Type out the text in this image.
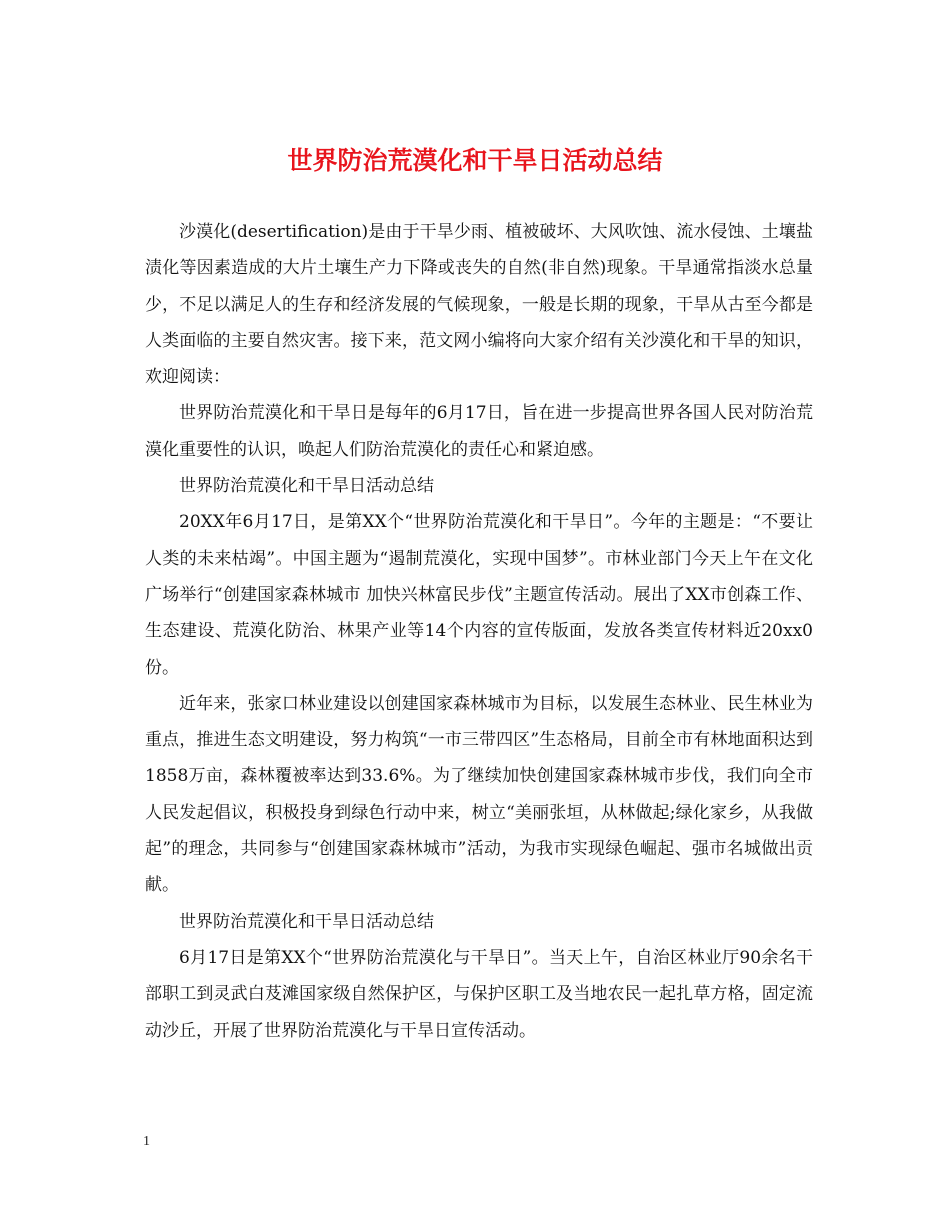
世界防治荒漠化和干旱日活动总结

沙漠化(desertification)是由于干旱少雨、植被破坏、大风吹蚀、流水侵蚀、土壤盐渍化等因素造成的大片土壤生产力下降或丧失的自然(非自然)现象。干旱通常指淡水总量少，不足以满足人的生存和经济发展的气候现象，一般是长期的现象，干旱从古至今都是人类面临的主要自然灾害。接下来，范文网小编将向大家介绍有关沙漠化和干旱的知识，欢迎阅读：

世界防治荒漠化和干旱日是每年的6月17日，旨在进一步提高世界各国人民对防治荒漠化重要性的认识，唤起人们防治荒漠化的责任心和紧迫感。

世界防治荒漠化和干旱日活动总结

20XX年6月17日，是第XX个“世界防治荒漠化和干旱日”。今年的主题是：“不要让人类的未来枯竭”。中国主题为“遏制荒漠化，实现中国梦”。市林业部门今天上午在文化广场举行“创建国家森林城市 加快兴林富民步伐”主题宣传活动。展出了XX市创森工作、生态建设、荒漠化防治、林果产业等14个内容的宣传版面，发放各类宣传材料近20xx0份。

近年来，张家口林业建设以创建国家森林城市为目标，以发展生态林业、民生林业为重点，推进生态文明建设，努力构筑“一市三带四区”生态格局，目前全市有林地面积达到1858万亩，森林覆被率达到33.6%。为了继续加快创建国家森林城市步伐，我们向全市人民发起倡议，积极投身到绿色行动中来，树立“美丽张垣，从林做起;绿化家乡，从我做起”的理念，共同参与“创建国家森林城市”活动，为我市实现绿色崛起、强市名城做出贡献。

世界防治荒漠化和干旱日活动总结

6月17日是第XX个“世界防治荒漠化与干旱日”。当天上午，自治区林业厅90余名干部职工到灵武白芨滩国家级自然保护区，与保护区职工及当地农民一起扎草方格，固定流动沙丘，开展了世界防治荒漠化与干旱日宣传活动。

1
